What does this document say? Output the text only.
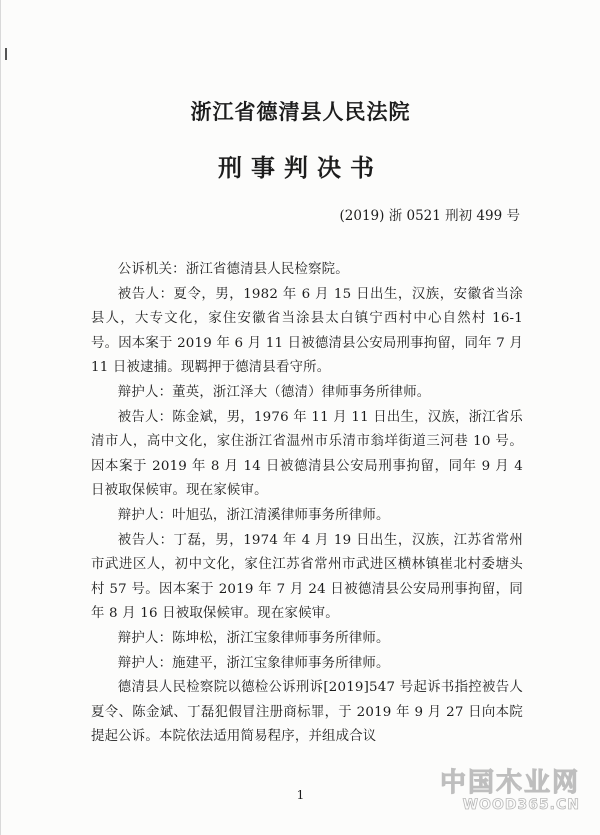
浙江省德清县人民法院
刑事判决书
(2019) 浙 0521 刑初 499 号

公诉机关：浙江省德清县人民检察院。

被告人：夏令，男，1982 年 6 月 15 日出生，汉族，安徽省当涂县人，大专文化，家住安徽省当涂县太白镇宁西村中心自然村 16-1 号。因本案于 2019 年 6 月 11 日被德清县公安局刑事拘留，同年 7 月 11 日被逮捕。现羁押于德清县看守所。

辩护人：董英，浙江泽大（德清）律师事务所律师。

被告人：陈金斌，男，1976 年 11 月 11 日出生，汉族，浙江省乐清市人，高中文化，家住浙江省温州市乐清市翁垟街道三河巷 10 号。因本案于 2019 年 8 月 14 日被德清县公安局刑事拘留，同年 9 月 4 日被取保候审。现在家候审。

辩护人：叶旭弘，浙江清溪律师事务所律师。

被告人：丁磊，男，1974 年 4 月 19 日出生，汉族，江苏省常州市武进区人，初中文化，家住江苏省常州市武进区横林镇崔北村委塘头村 57 号。因本案于 2019 年 7 月 24 日被德清县公安局刑事拘留，同年 8 月 16 日被取保候审。现在家候审。

辩护人：陈坤松，浙江宝象律师事务所律师。

辩护人：施建平，浙江宝象律师事务所律师。

德清县人民检察院以德检公诉刑诉[2019]547 号起诉书指控被告人夏令、陈金斌、丁磊犯假冒注册商标罪，于 2019 年 9 月 27 日向本院提起公诉。本院依法适用简易程序，并组成合议

1	中国木业网
WOOD365.CN
